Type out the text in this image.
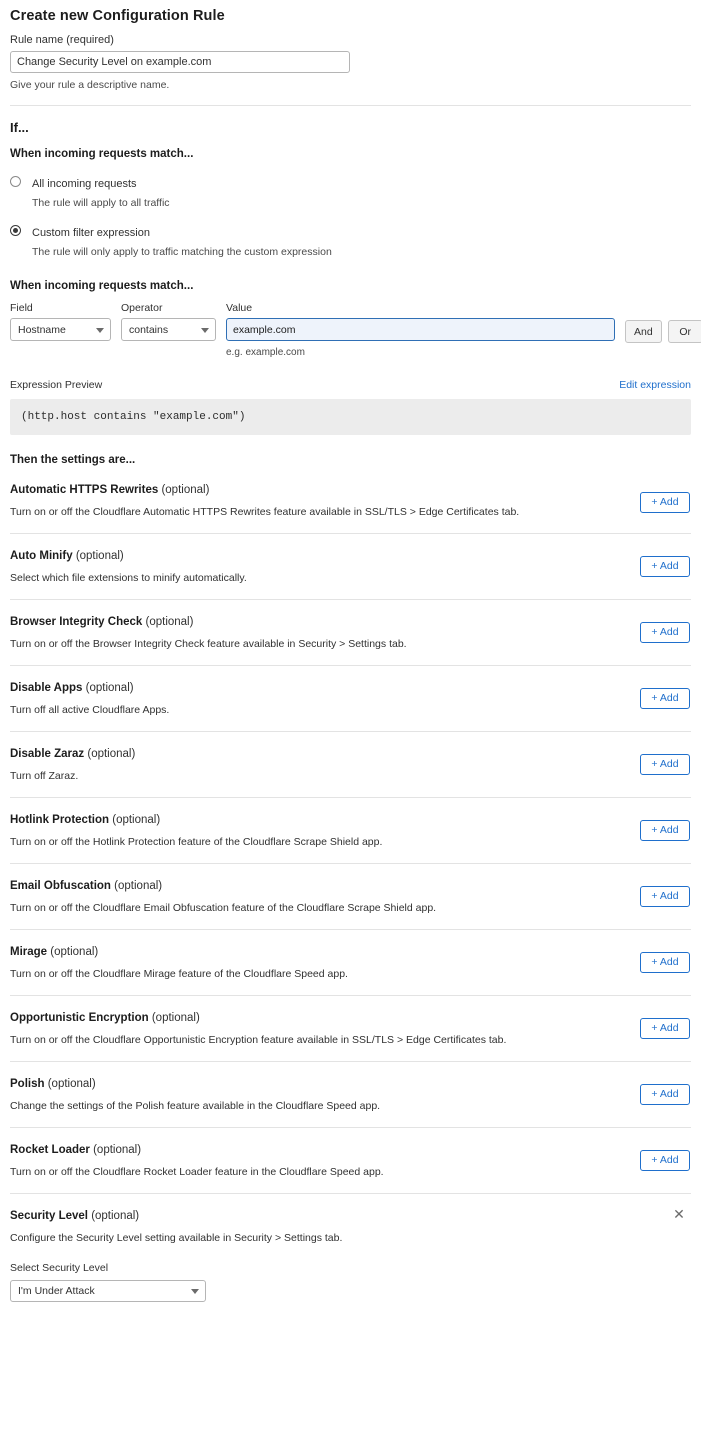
Create new Configuration Rule
Rule name (required)
Change Security Level on example.com
Give your rule a descriptive name.
If...
When incoming requests match...
All incoming requests
The rule will apply to all traffic
Custom filter expression
The rule will only apply to traffic matching the custom expression
When incoming requests match...
Field
Hostname
Operator
contains
Value
example.com
e.g. example.com
And	Or
Expression Preview	Edit expression
(http.host contains "example.com")
Then the settings are...
Automatic HTTPS Rewrites (optional)
Turn on or off the Cloudflare Automatic HTTPS Rewrites feature available in SSL/TLS > Edge Certificates tab.
+ Add
Auto Minify (optional)
Select which file extensions to minify automatically.
+ Add
Browser Integrity Check (optional)
Turn on or off the Browser Integrity Check feature available in Security > Settings tab.
+ Add
Disable Apps (optional)
Turn off all active Cloudflare Apps.
+ Add
Disable Zaraz (optional)
Turn off Zaraz.
+ Add
Hotlink Protection (optional)
Turn on or off the Hotlink Protection feature of the Cloudflare Scrape Shield app.
+ Add
Email Obfuscation (optional)
Turn on or off the Cloudflare Email Obfuscation feature of the Cloudflare Scrape Shield app.
+ Add
Mirage (optional)
Turn on or off the Cloudflare Mirage feature of the Cloudflare Speed app.
+ Add
Opportunistic Encryption (optional)
Turn on or off the Cloudflare Opportunistic Encryption feature available in SSL/TLS > Edge Certificates tab.
+ Add
Polish (optional)
Change the settings of the Polish feature available in the Cloudflare Speed app.
+ Add
Rocket Loader (optional)
Turn on or off the Cloudflare Rocket Loader feature in the Cloudflare Speed app.
+ Add
Security Level (optional)
Configure the Security Level setting available in Security > Settings tab.
✕
Select Security Level
I'm Under Attack
